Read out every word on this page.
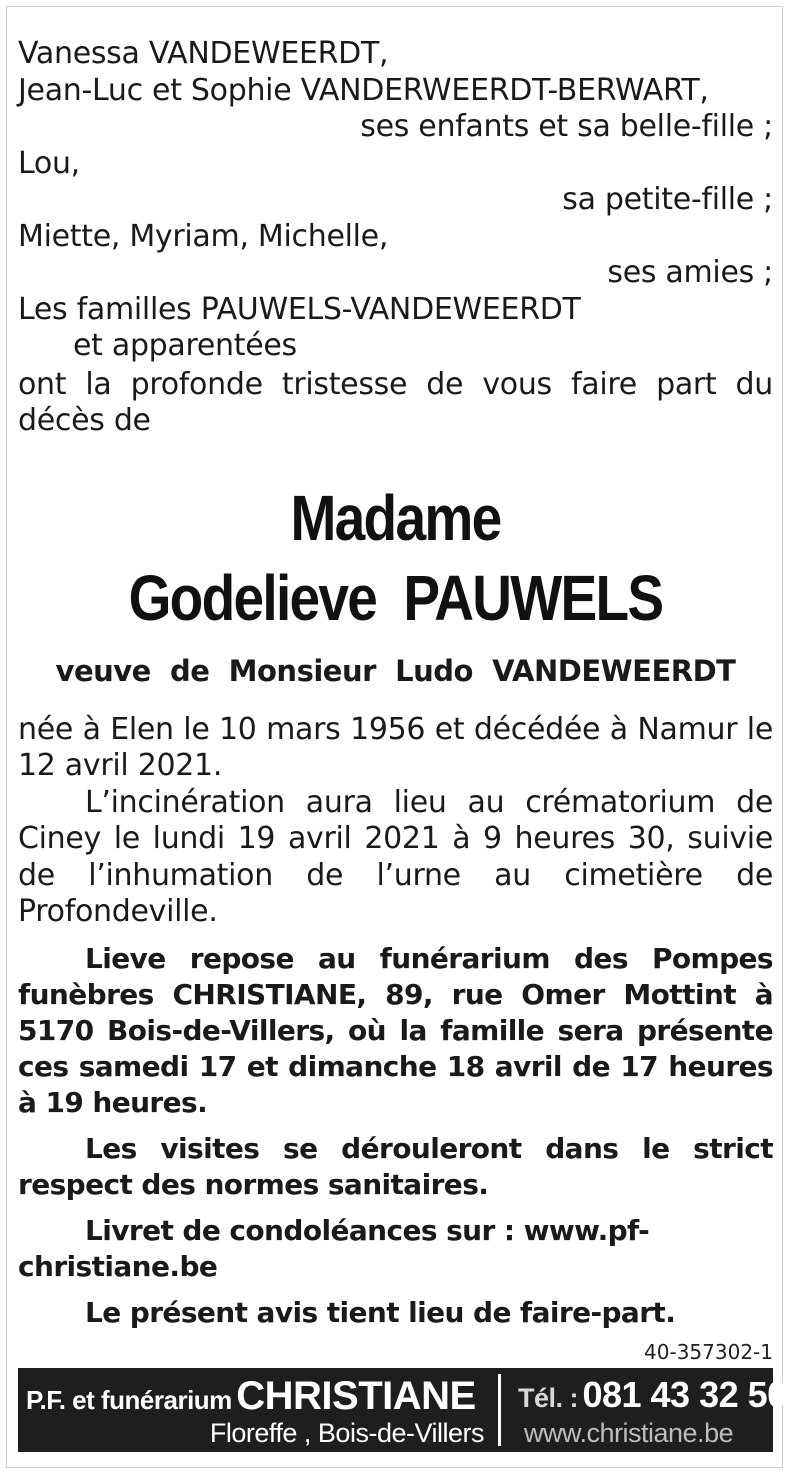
Vanessa VANDEWEERDT,

Jean-Luc et Sophie VANDERWEERDT-BERWART,

ses enfants et sa belle-fille ;

Lou,

sa petite-fille ;

Miette, Myriam, Michelle,

ses amies ;

Les familles PAUWELS-VANDEWEERDT

et apparentées

ont la profonde tristesse de vous faire part du décès de

Madame
Godelieve  PAUWELS
veuve  de  Monsieur  Ludo  VANDEWEERDT

née à Elen le 10 mars 1956 et décédée à Namur le 12 avril 2021.

L’incinération aura lieu au crématorium de Ciney le lundi 19 avril 2021 à 9 heures 30, suivie de l’inhumation de l’urne au cimetière de Profondeville.

Lieve repose au funérarium des Pompes funèbres CHRISTIANE, 89, rue Omer Mottint à 5170 Bois-de-Villers, où la famille sera présente ces samedi 17 et dimanche 18 avril de 17 heures à 19 heures.

Les visites se dérouleront dans le strict respect des normes sanitaires.

Livret de condoléances sur : www.pf-christiane.be

Le présent avis tient lieu de faire-part.

40-357302-1
P.F. et funérarium CHRISTIANE
Floreffe , Bois-de-Villers
Tél. : 081 43 32 50
www.christiane.be
